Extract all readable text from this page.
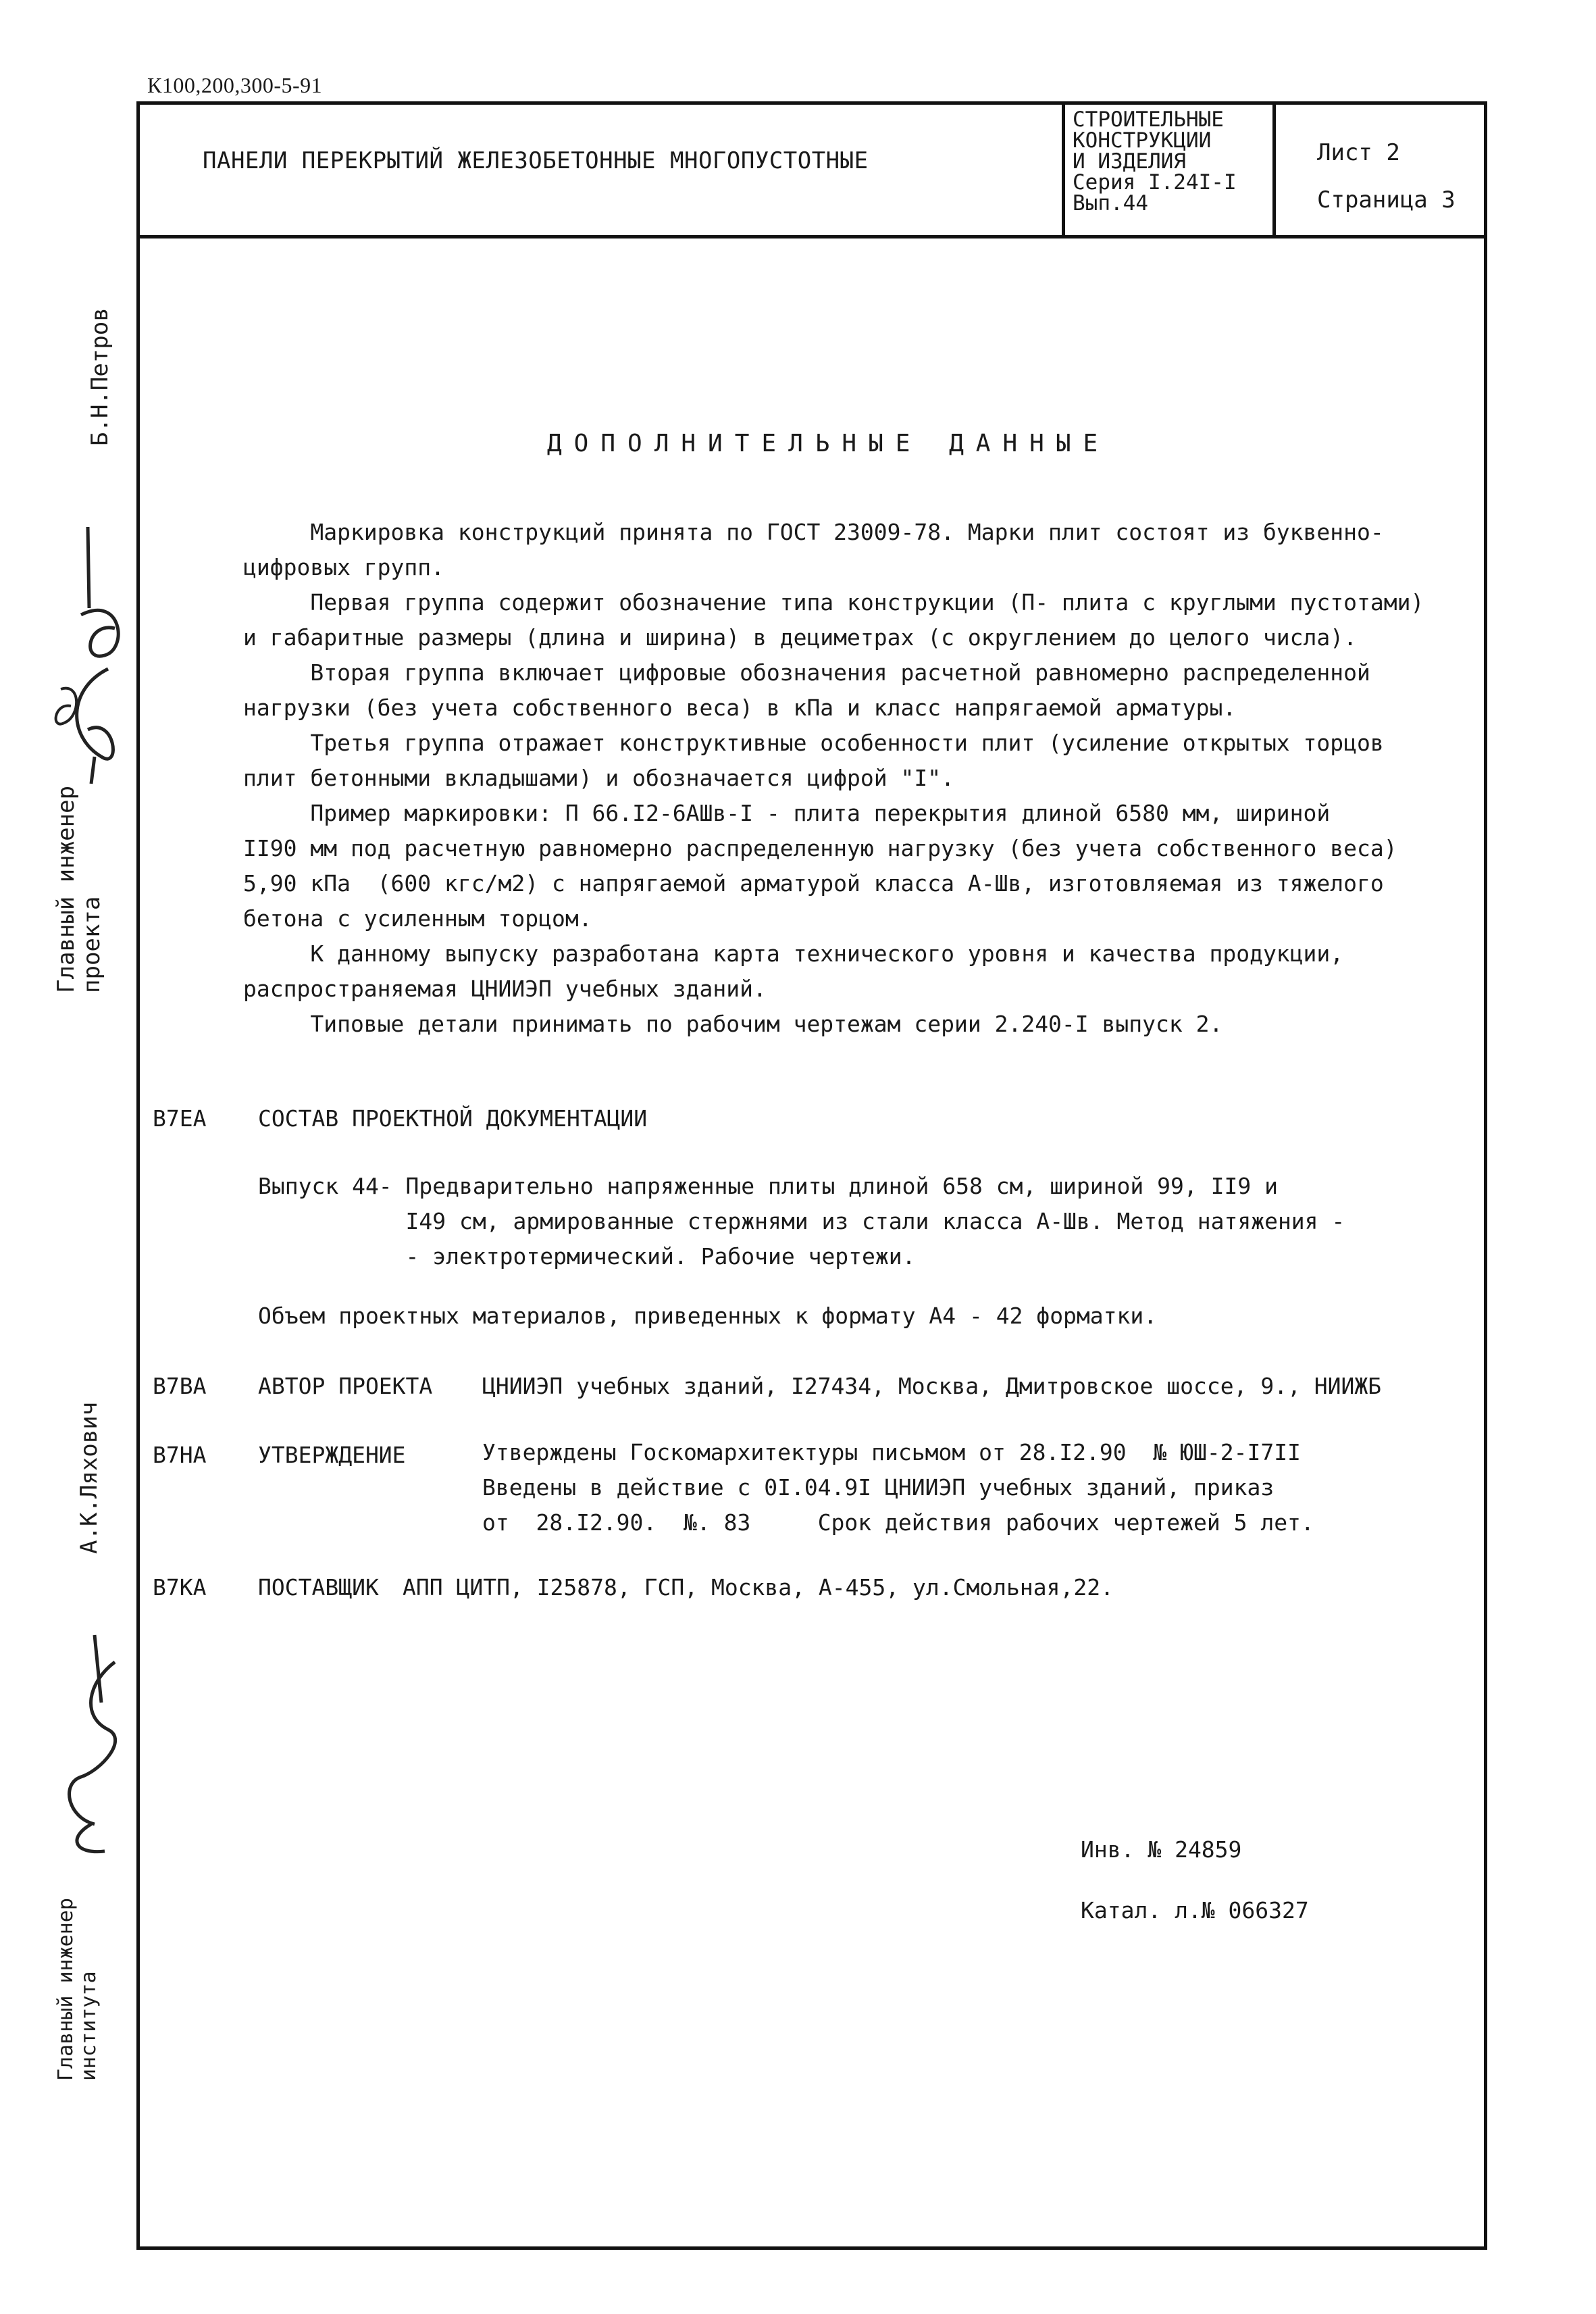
К100,200,300-5-91
ПАНЕЛИ ПЕРЕКРЫТИЙ ЖЕЛЕЗОБЕТОННЫЕ МНОГОПУСТОТНЫЕ
СТРОИТЕЛЬНЫЕ
КОНСТРУКЦИИ
И ИЗДЕЛИЯ
Серия I.24I-I
Вып.44
Лист 2
Страница 3
Б.Н.Петров
Главный инженер
проекта
А.К.Ляхович
Главный инженер института
ДОПОЛНИТЕЛЬНЫЕ ДАННЫЕ
Маркировка конструкций принята по ГОСТ 23009-78. Марки плит состоят из буквенно-
цифровых групп.
Первая группа содержит обозначение типа конструкции (П- плита с круглыми пустотами)
и габаритные размеры (длина и ширина) в дециметрах (с округлением до целого числа).
Вторая группа включает цифровые обозначения расчетной равномерно распределенной
нагрузки (без учета собственного веса) в кПа и класс напрягаемой арматуры.
Третья группа отражает конструктивные особенности плит (усиление открытых торцов
плит бетонными вкладышами) и обозначается цифрой "I".
Пример маркировки: П 66.I2-6АШв-I - плита перекрытия длиной 6580 мм, шириной
II90 мм под расчетную равномерно распределенную нагрузку (без учета собственного веса)
5,90 кПа  (600 кгс/м2) с напрягаемой арматурой класса А-Шв, изготовляемая из тяжелого
бетона с усиленным торцом.
К данному выпуску разработана карта технического уровня и качества продукции,
распространяемая ЦНИИЭП учебных зданий.
Типовые детали принимать по рабочим чертежам серии 2.240-I выпуск 2.
В7ЕА СОСТАВ ПРОЕКТНОЙ ДОКУМЕНТАЦИИ
Выпуск 44- Предварительно напряженные плиты длиной 658 см, шириной 99, II9 и
I49 см, армированные стержнями из стали класса А-Шв. Метод натяжения -
- электротермический. Рабочие чертежи.
Объем проектных материалов, приведенных к формату А4 - 42 форматки.
В7ВА АВТОР ПРОЕКТА ЦНИИЭП учебных зданий, I27434, Москва, Дмитровское шоссе, 9., НИИЖБ
В7НА УТВЕРЖДЕНИЕ	Утверждены Госкомархитектуры письмом от 28.I2.90  № ЮШ-2-I7II
Введены в действие с 0I.04.9I ЦНИИЭП учебных зданий, приказ
от  28.I2.90.  №. 83     Срок действия рабочих чертежей 5 лет.
В7КА ПОСТАВЩИК АПП ЦИТП, I25878, ГСП, Москва, А-455, ул.Смольная,22.
Инв. № 24859
Катал. л.№ 066327
